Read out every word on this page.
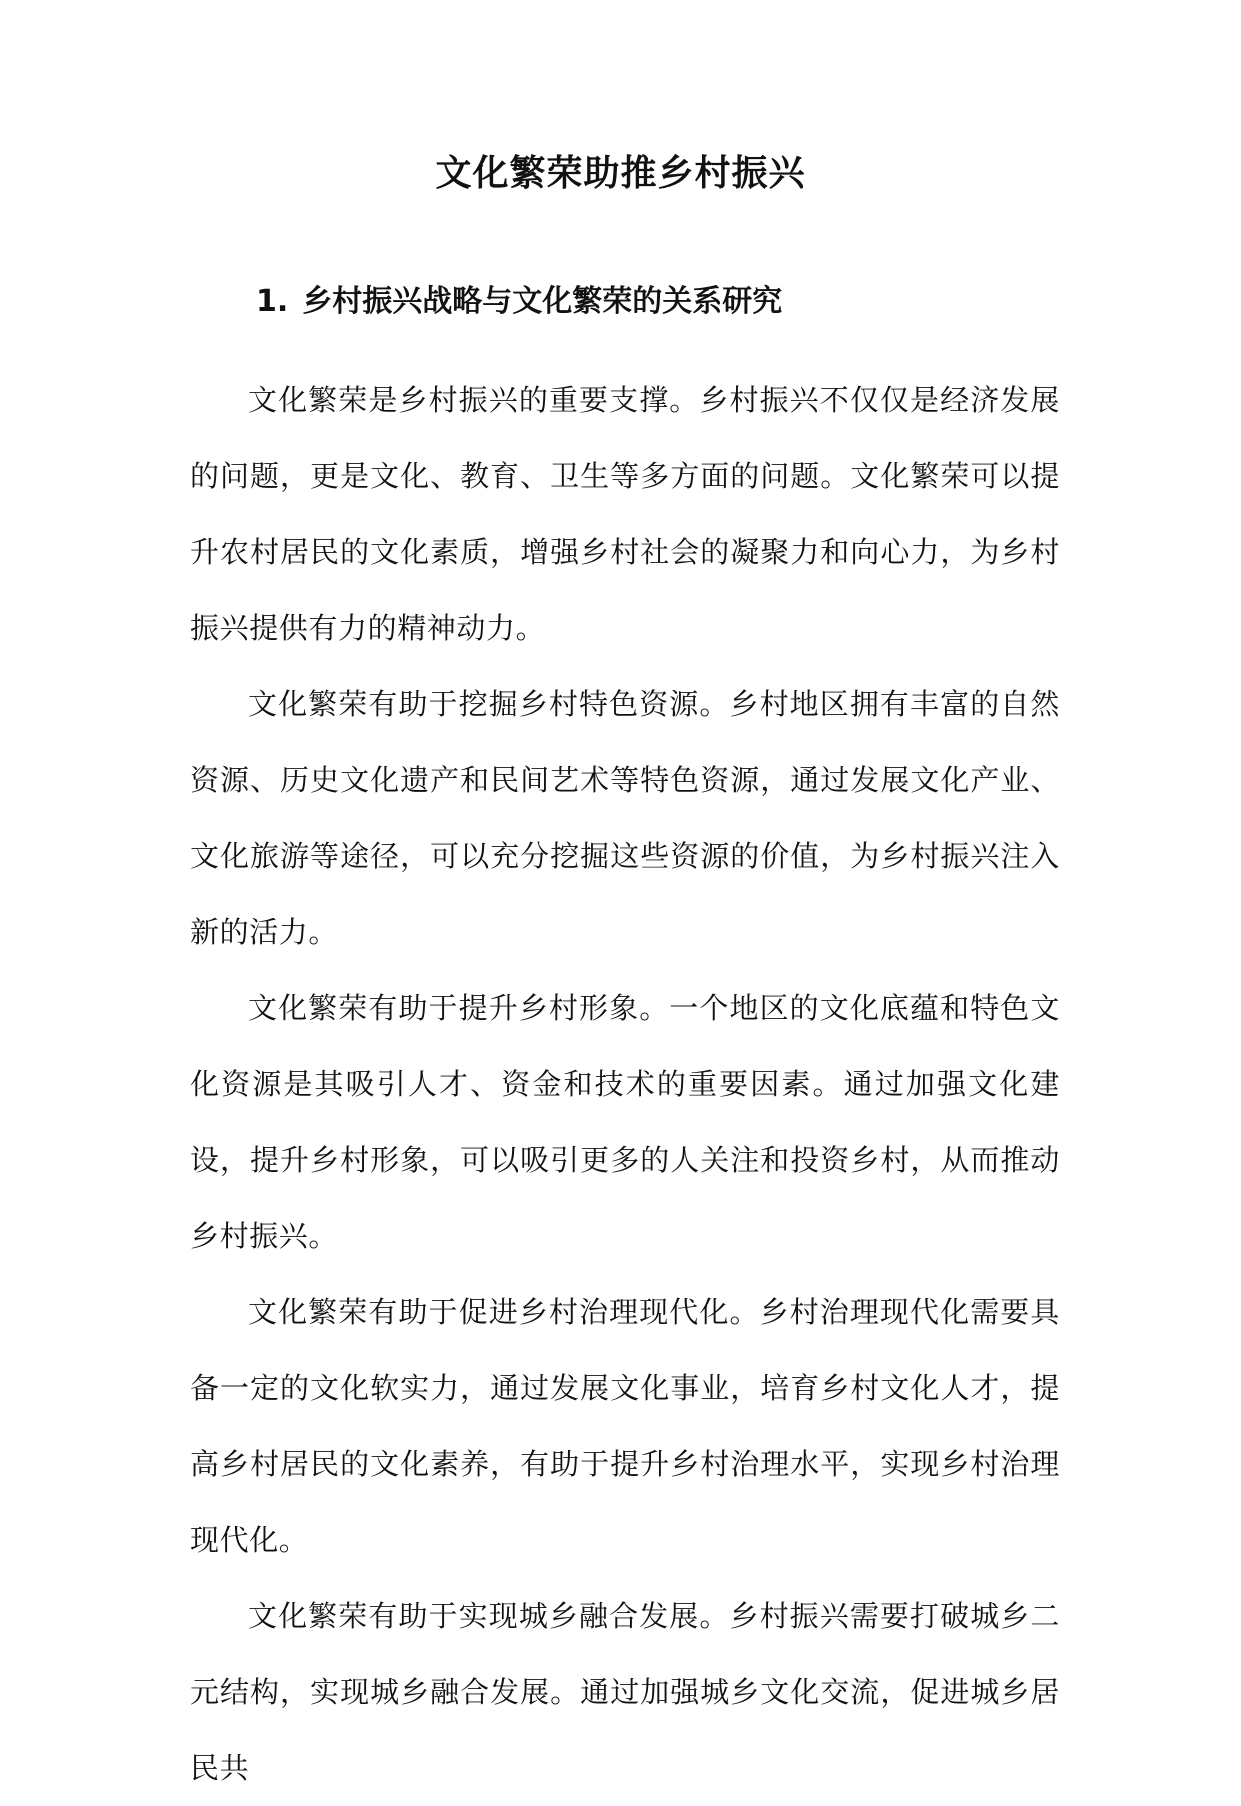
文化繁荣助推乡村振兴
1. 乡村振兴战略与文化繁荣的关系研究

文化繁荣是乡村振兴的重要支撑。乡村振兴不仅仅是经济发展的问题，更是文化、教育、卫生等多方面的问题。文化繁荣可以提升农村居民的文化素质，增强乡村社会的凝聚力和向心力，为乡村振兴提供有力的精神动力。

文化繁荣有助于挖掘乡村特色资源。乡村地区拥有丰富的自然资源、历史文化遗产和民间艺术等特色资源，通过发展文化产业、文化旅游等途径，可以充分挖掘这些资源的价值，为乡村振兴注入新的活力。

文化繁荣有助于提升乡村形象。一个地区的文化底蕴和特色文化资源是其吸引人才、资金和技术的重要因素。通过加强文化建设，提升乡村形象，可以吸引更多的人关注和投资乡村，从而推动乡村振兴。

文化繁荣有助于促进乡村治理现代化。乡村治理现代化需要具备一定的文化软实力，通过发展文化事业，培育乡村文化人才，提高乡村居民的文化素养，有助于提升乡村治理水平，实现乡村治理现代化。

文化繁荣有助于实现城乡融合发展。乡村振兴需要打破城乡二元结构，实现城乡融合发展。通过加强城乡文化交流，促进城乡居民共
